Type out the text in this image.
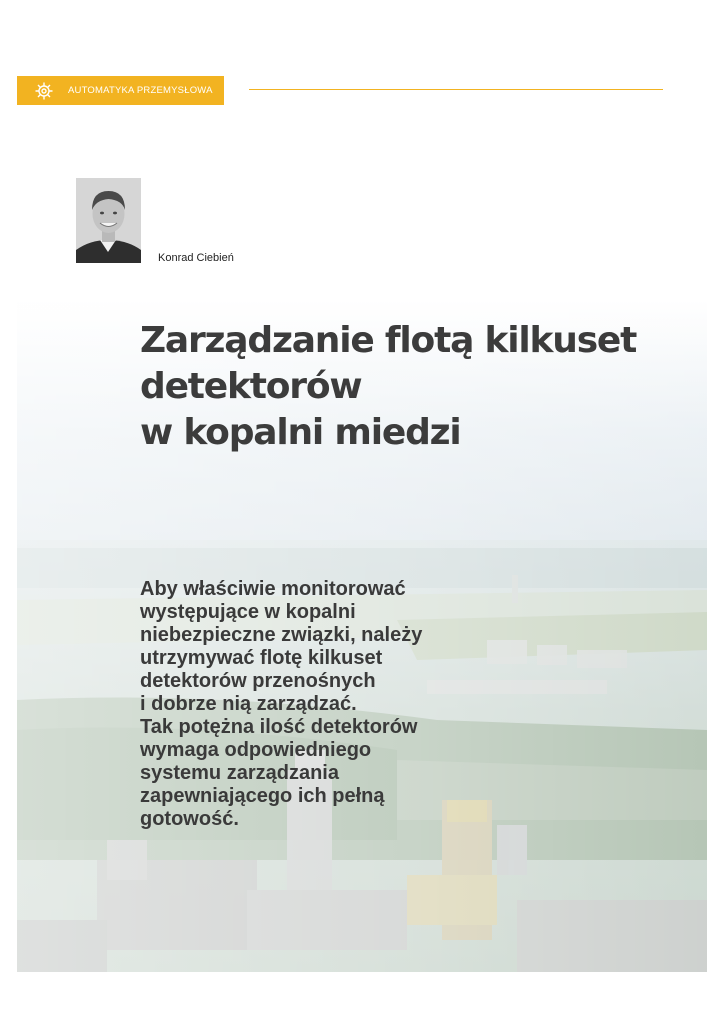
AUTOMATYKA PRZEMYSŁOWA
Konrad Ciebień
Zarządzanie flotą kilkuset
detektorów
w kopalni miedzi

Aby właściwie monitorować
występujące w kopalni
niebezpieczne związki, należy
utrzymywać flotę kilkuset
detektorów przenośnych
i dobrze nią zarządzać.
Tak potężna ilość detektorów
wymaga odpowiedniego
systemu zarządzania
zapewniającego ich pełną
gotowość.
